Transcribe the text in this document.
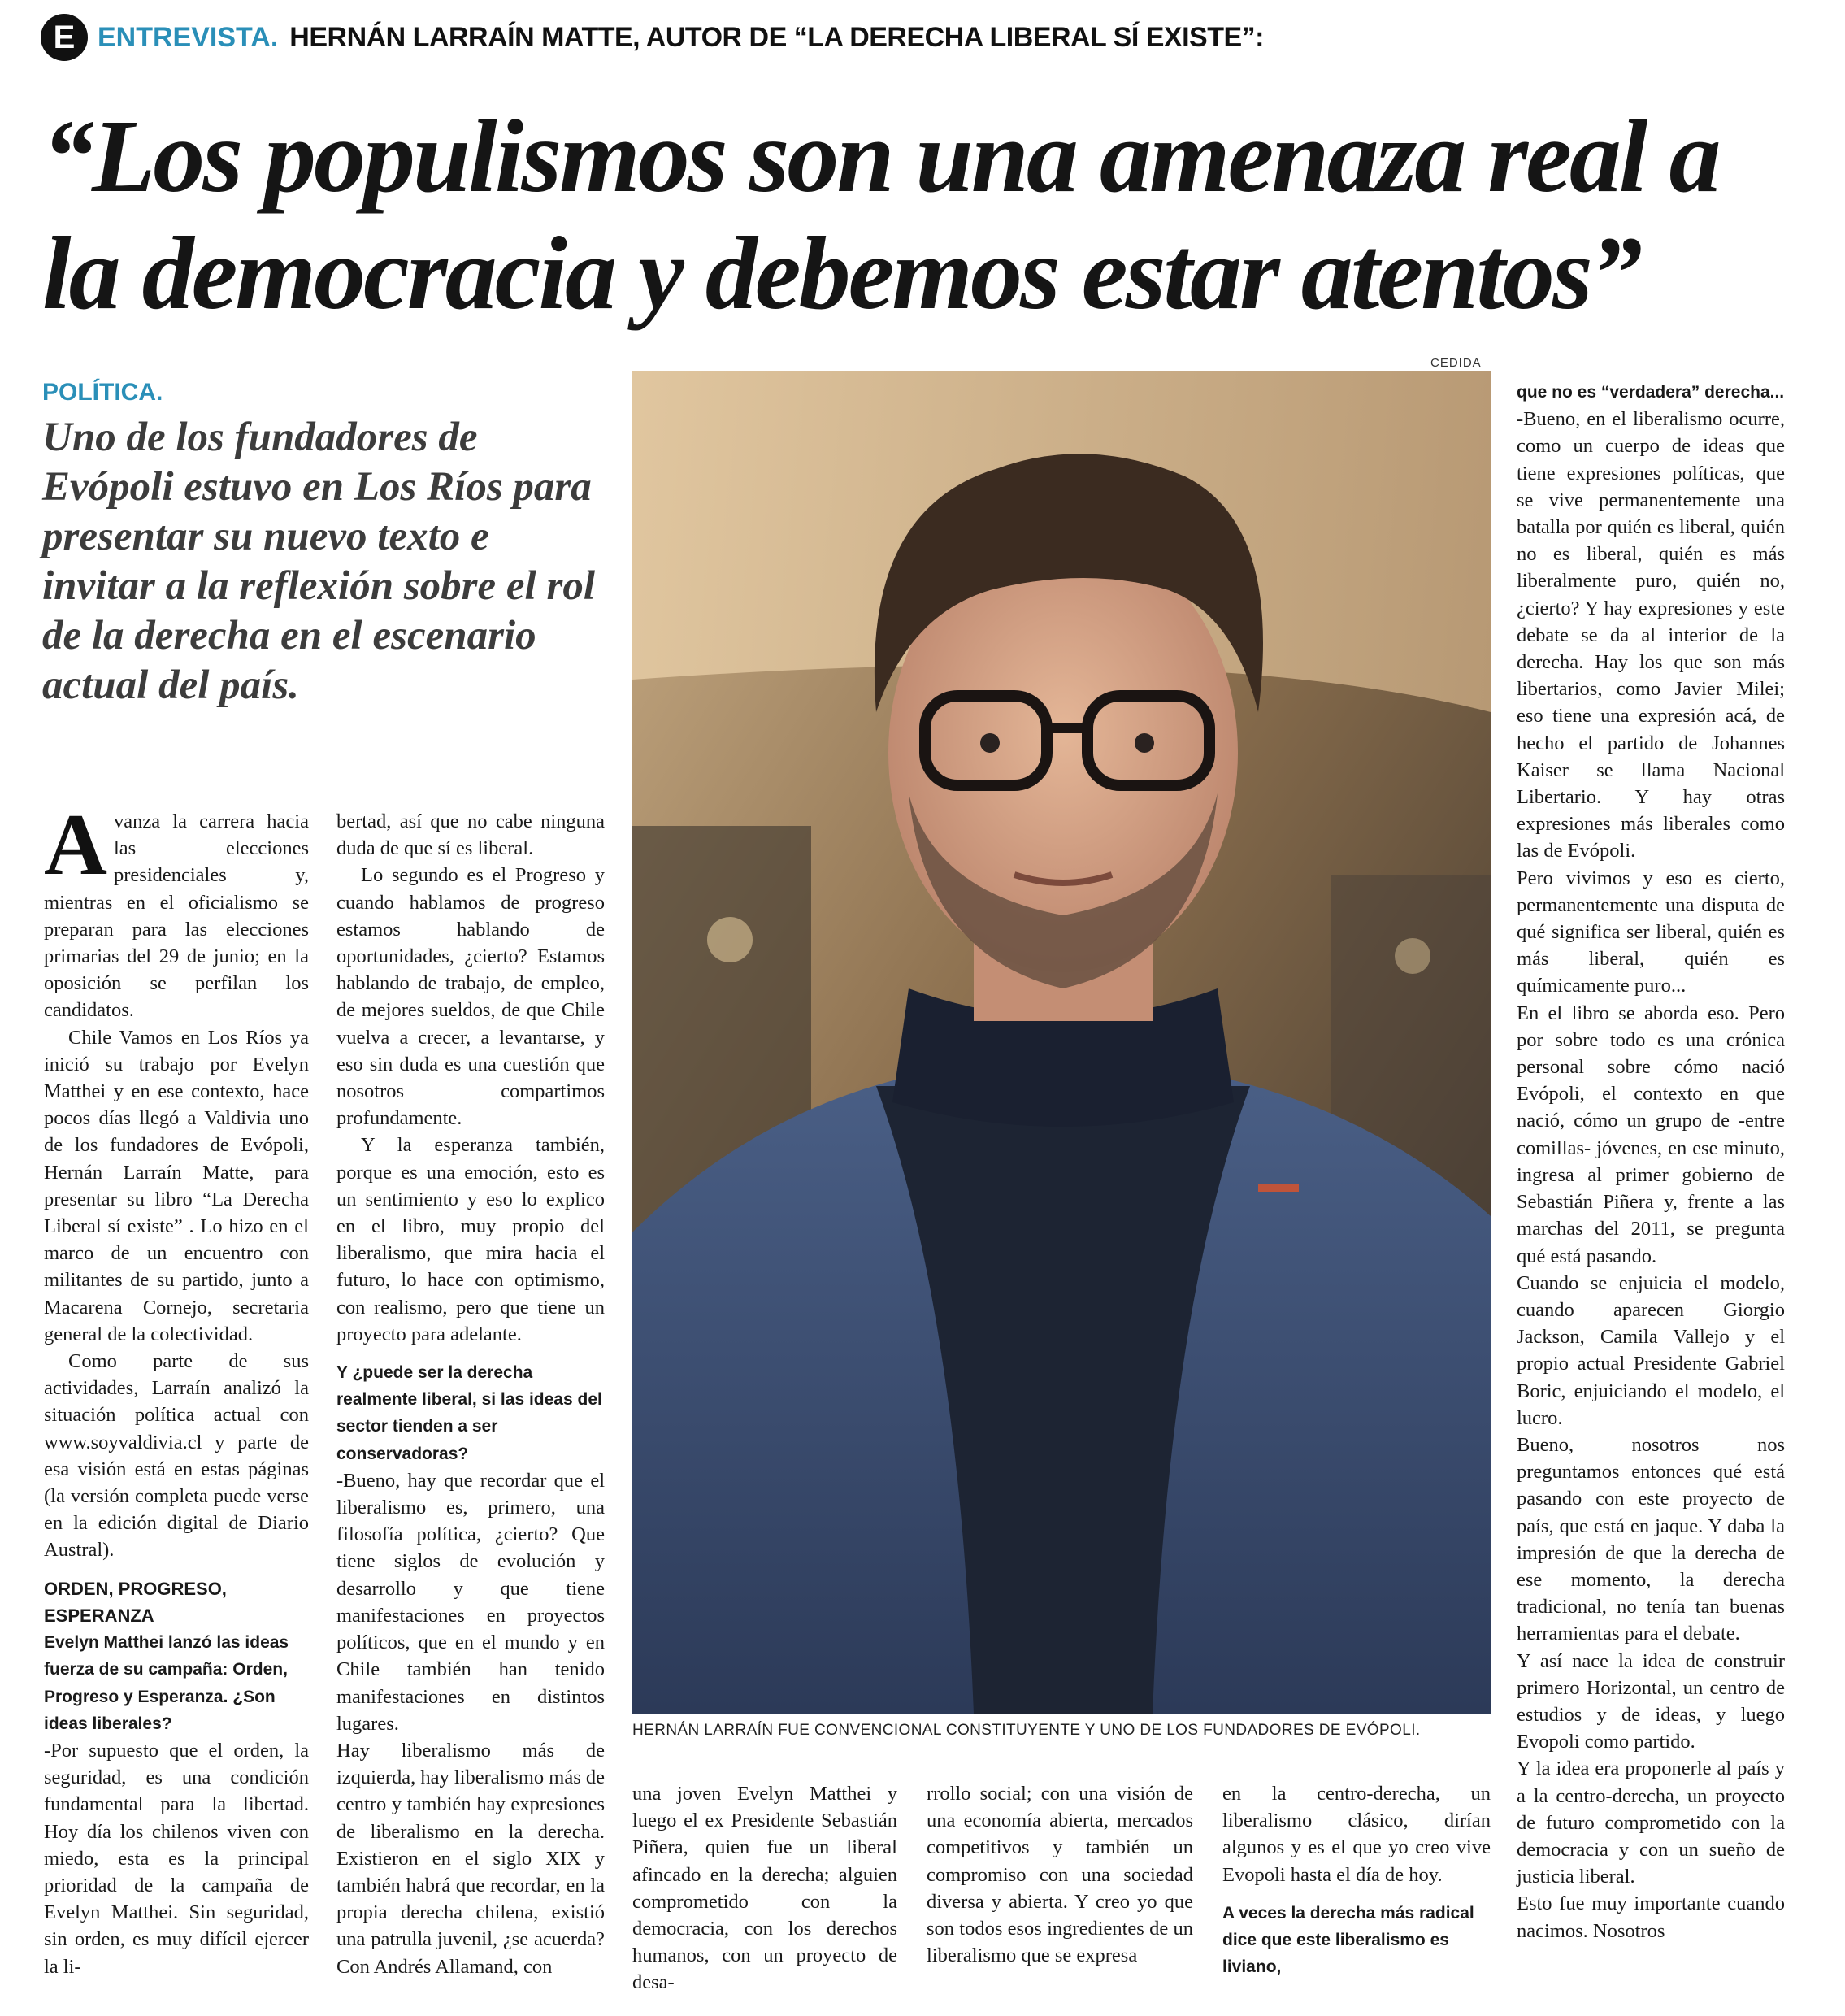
E ENTREVISTA. HERNÁN LARRAÍN MATTE, AUTOR DE “LA DERECHA LIBERAL SÍ EXISTE”:
“Los populismos son una amenaza real a
la democracia y debemos estar atentos”
POLÍTICA.
Uno de los fundadores de Evópoli estuvo en Los Ríos para presentar su nuevo texto e invitar a la reflexión sobre el rol de la derecha en el escenario actual del país.
CEDIDA
HERNÁN LARRAÍN FUE CONVENCIONAL CONSTITUYENTE Y UNO DE LOS FUNDADORES DE EVÓPOLI.

Avanza la carrera hacia las elecciones presidenciales y, mientras en el oficialismo se preparan para las elecciones primarias del 29 de junio; en la oposición se perfilan los candidatos.

Chile Vamos en Los Ríos ya inició su trabajo por Evelyn Matthei y en ese contexto, hace pocos días llegó a Valdivia uno de los fundadores de Evópoli, Hernán Larraín Matte, para presentar su libro “La Derecha Liberal sí existe” . Lo hizo en el marco de un encuentro con militantes de su partido, junto a Macarena Cornejo, secretaria general de la colectividad.

Como parte de sus actividades, Larraín analizó la situación política actual con www.soyvaldivia.cl y parte de esa visión está en estas páginas (la versión completa puede verse en la edición digital de Diario Austral).

ORDEN, PROGRESO, ESPERANZA

Evelyn Matthei lanzó las ideas fuerza de su campaña: Orden, Progreso y Esperanza. ¿Son ideas liberales?

-Por supuesto que el orden, la seguridad, es una condición fundamental para la libertad. Hoy día los chilenos viven con miedo, esta es la principal prioridad de la campaña de Evelyn Matthei. Sin seguridad, sin orden, es muy difícil ejercer la li-

bertad, así que no cabe ninguna duda de que sí es liberal.

Lo segundo es el Progreso y cuando hablamos de progreso estamos hablando de oportunidades, ¿cierto? Estamos hablando de trabajo, de empleo, de mejores sueldos, de que Chile vuelva a crecer, a levantarse, y eso sin duda es una cuestión que nosotros compartimos profundamente.

Y la esperanza también, porque es una emoción, esto es un sentimiento y eso lo explico en el libro, muy propio del liberalismo, que mira hacia el futuro, lo hace con optimismo, con realismo, pero que tiene un proyecto para adelante.

Y ¿puede ser la derecha realmente liberal, si las ideas del sector tienden a ser conservadoras?

-Bueno, hay que recordar que el liberalismo es, primero, una filosofía política, ¿cierto? Que tiene siglos de evolución y desarrollo y que tiene manifestaciones en proyectos políticos, que en el mundo y en Chile también han tenido manifestaciones en distintos lugares.

Hay liberalismo más de izquierda, hay liberalismo más de centro y también hay expresiones de liberalismo en la derecha. Existieron en el siglo XIX y también habrá que recordar, en la propia derecha chilena, existió una patrulla juvenil, ¿se acuerda? Con Andrés Allamand, con

una joven Evelyn Matthei y luego el ex Presidente Sebastián Piñera, quien fue un liberal afincado en la derecha; alguien comprometido con la democracia, con los derechos humanos, con un proyecto de desa-

rrollo social; con una visión de una economía abierta, mercados competitivos y también un compromiso con una sociedad diversa y abierta. Y creo yo que son todos esos ingredientes de un liberalismo que se expresa

en la centro-derecha, un liberalismo clásico, dirían algunos y es el que yo creo vive Evopoli hasta el día de hoy.

A veces la derecha más radical dice que este liberalismo es liviano,

que no es “verdadera” derecha...

-Bueno, en el liberalismo ocurre, como un cuerpo de ideas que tiene expresiones políticas, que se vive permanentemente una batalla por quién es liberal, quién no es liberal, quién es más liberalmente puro, quién no, ¿cierto? Y hay expresiones y este debate se da al interior de la derecha. Hay los que son más libertarios, como Javier Milei; eso tiene una expresión acá, de hecho el partido de Johannes Kaiser se llama Nacional Libertario. Y hay otras expresiones más liberales como las de Evópoli.

Pero vivimos y eso es cierto, permanentemente una disputa de qué significa ser liberal, quién es más liberal, quién es químicamente puro...

En el libro se aborda eso. Pero por sobre todo es una crónica personal sobre cómo nació Evópoli, el contexto en que nació, cómo un grupo de -entre comillas- jóvenes, en ese minuto, ingresa al primer gobierno de Sebastián Piñera y, frente a las marchas del 2011, se pregunta qué está pasando.

Cuando se enjuicia el modelo, cuando aparecen Giorgio Jackson, Camila Vallejo y el propio actual Presidente Gabriel Boric, enjuiciando el modelo, el lucro.

Bueno, nosotros nos preguntamos entonces qué está pasando con este proyecto de país, que está en jaque. Y daba la impresión de que la derecha de ese momento, la derecha tradicional, no tenía tan buenas herramientas para el debate.

Y así nace la idea de construir primero Horizontal, un centro de estudios y de ideas, y luego Evopoli como partido.

Y la idea era proponerle al país y a la centro-derecha, un proyecto de futuro comprometido con la democracia y con un sueño de justicia liberal.

Esto fue muy importante cuando nacimos. Nosotros
